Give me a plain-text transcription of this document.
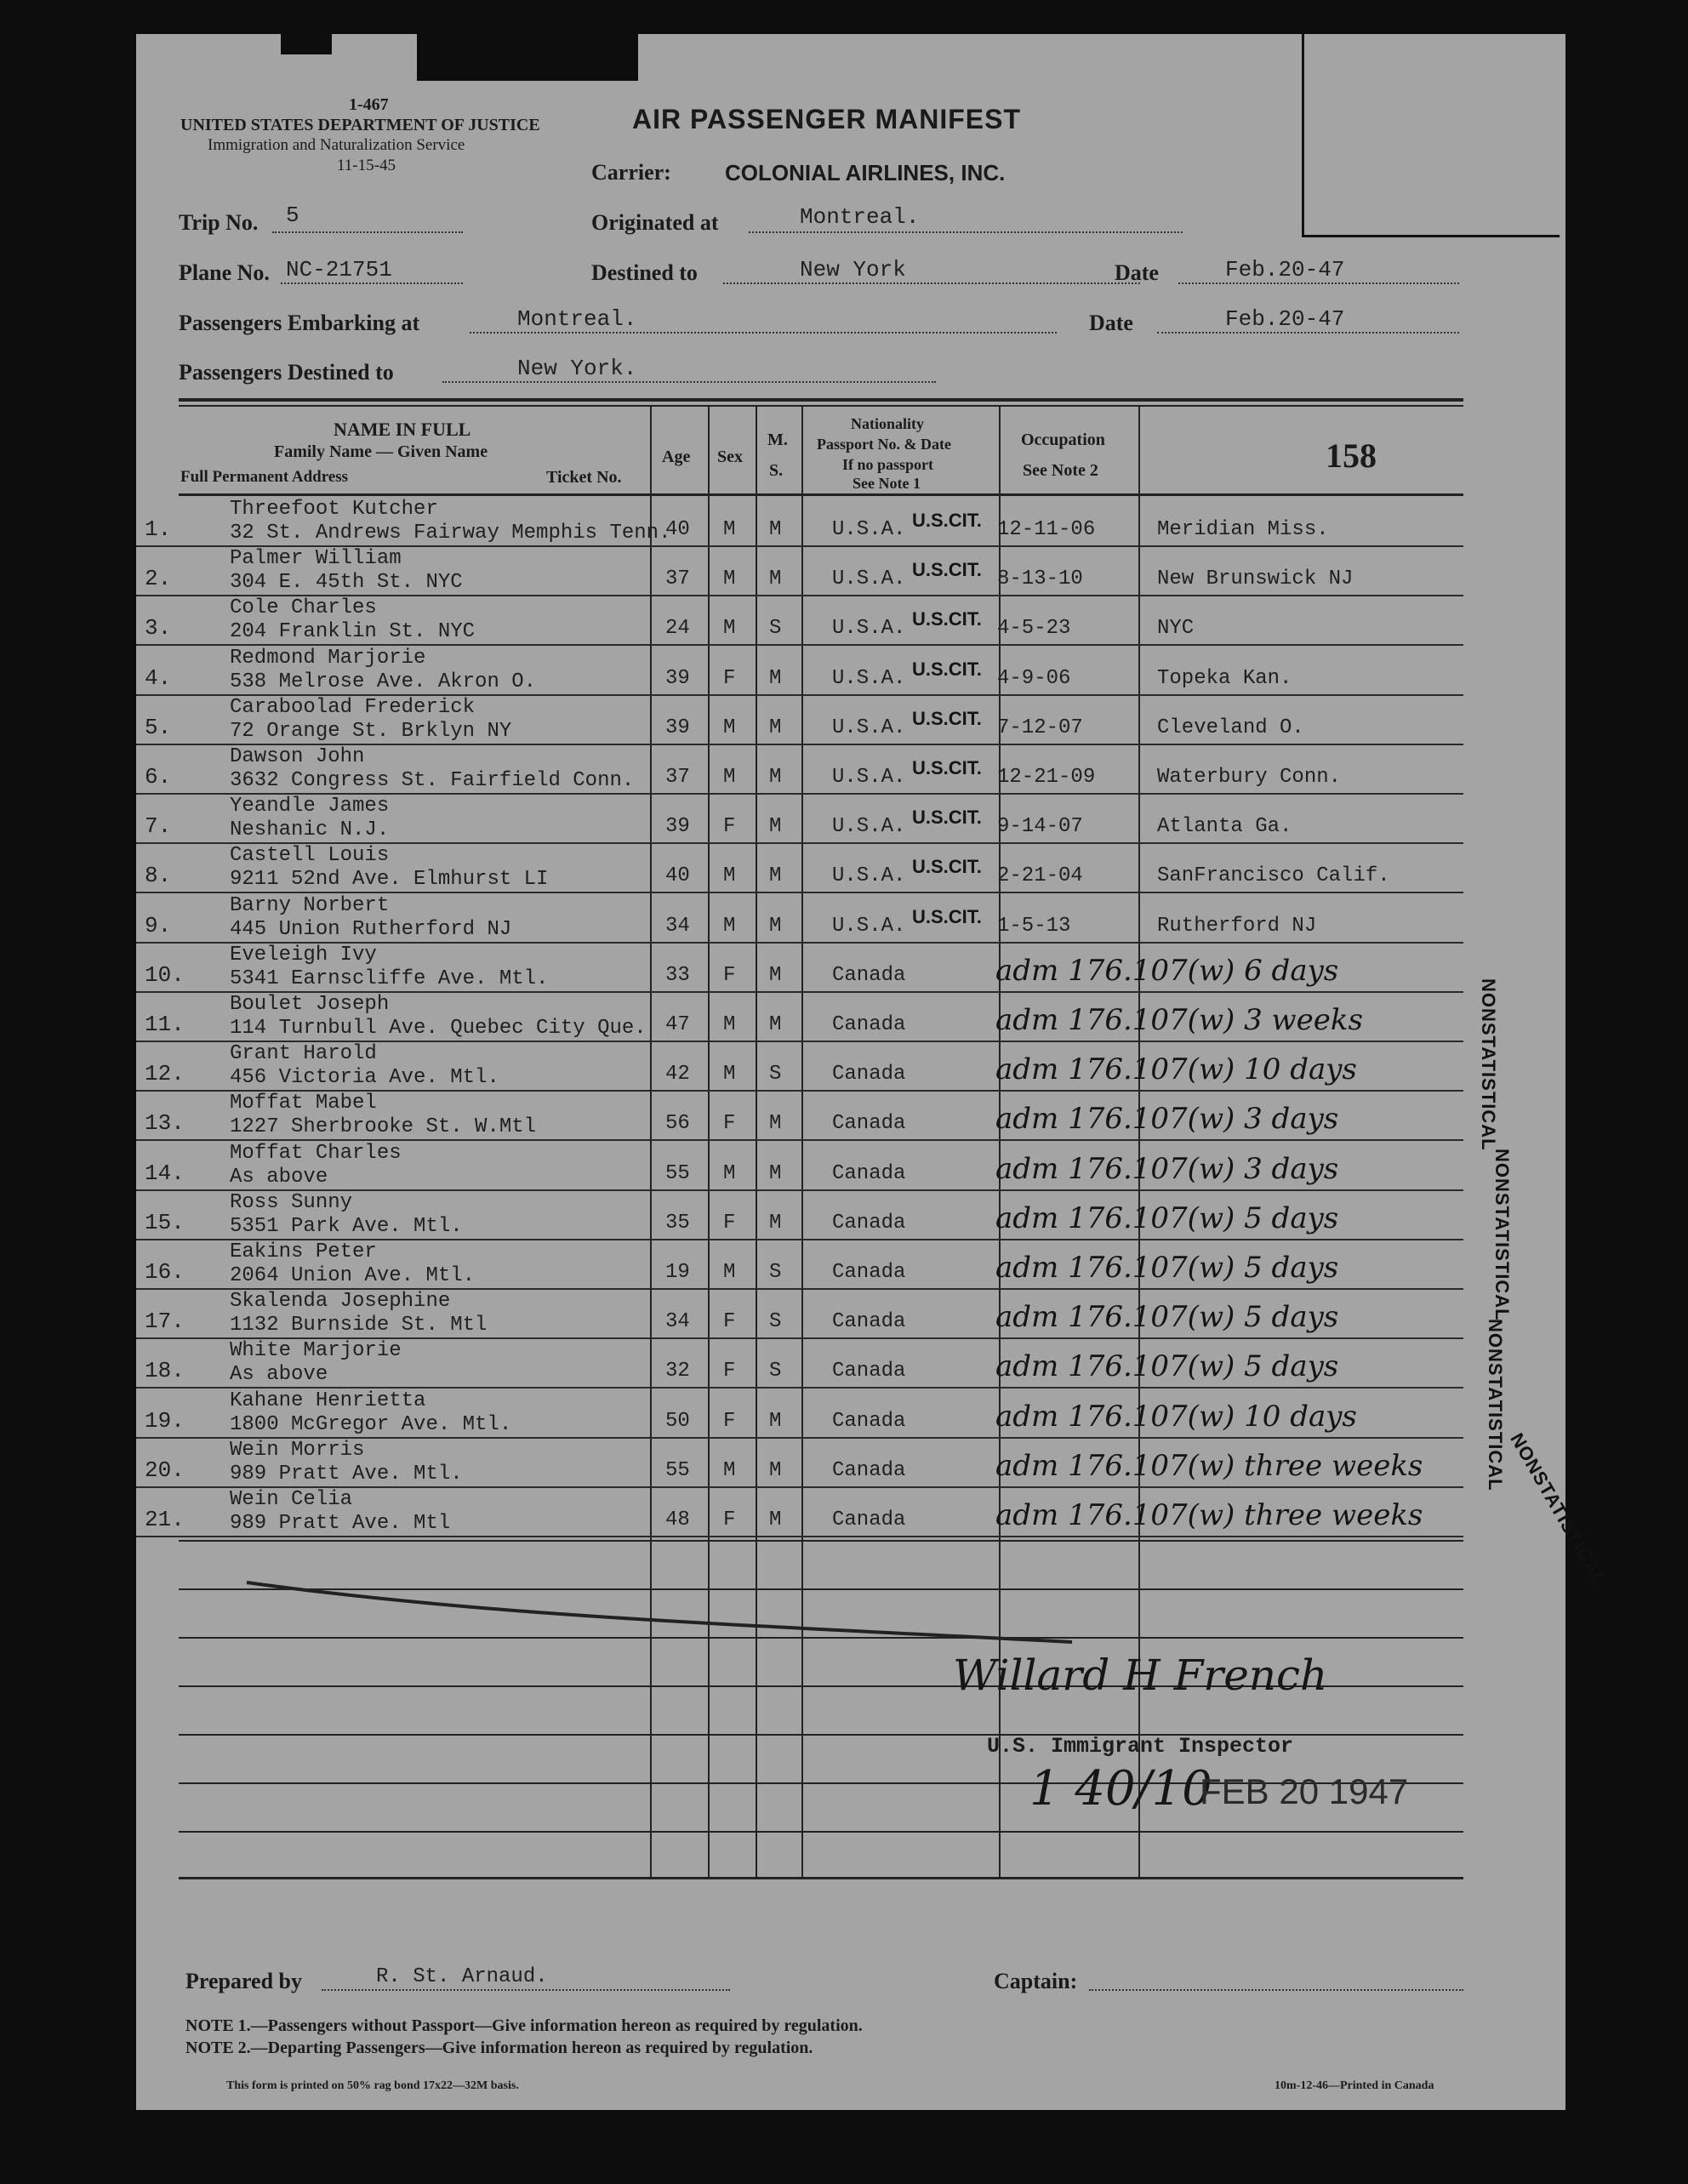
1-467
UNITED STATES DEPARTMENT OF JUSTICE
Immigration and Naturalization Service
11-15-45
AIR PASSENGER MANIFEST
Carrier: COLONIAL AIRLINES, INC.
Trip No. 5	Originated at	Montreal.
Plane No. NC-21751	Destined to	New York	Date	Feb.20-47
Passengers Embarking at	Montreal.	Date	Feb.20-47
Passengers Destined to	New York.
NAME IN FULL
Family Name — Given Name
Full Permanent Address	Ticket No.
Age Sex
M.
S.
Nationality
Passport No. & Date
If no passport
See Note 1
Occupation
See Note 2	158
1.
Threefoot Kutcher
32 St. Andrews Fairway Memphis Tenn.
40 M M U.S.A. U.S.CIT. 12-11-06	Meridian Miss.
2.
Palmer William
304 E. 45th St. NYC	37 M M U.S.A. U.S.CIT. 8-13-10	New Brunswick NJ
3.
Cole Charles
204 Franklin St. NYC	24 M S U.S.A. U.S.CIT. 4-5-23	NYC
4.
Redmond Marjorie
538 Melrose Ave. Akron O.	39 F M U.S.A. U.S.CIT. 4-9-06	Topeka Kan.
5.
Caraboolad Frederick
72 Orange St. Brklyn NY	39 M M U.S.A. U.S.CIT. 7-12-07	Cleveland O.
6.
Dawson John
3632 Congress St. Fairfield Conn. 37 M M U.S.A. U.S.CIT. 12-21-09	Waterbury Conn.
7.
Yeandle James
Neshanic N.J.	39 F M U.S.A. U.S.CIT. 9-14-07	Atlanta Ga.
8.
Castell Louis
9211 52nd Ave. Elmhurst LI	40 M M U.S.A. U.S.CIT. 2-21-04	SanFrancisco Calif.
9.
Barny Norbert
445 Union Rutherford NJ	34 M M U.S.A. U.S.CIT. 1-5-13	Rutherford NJ
10.
Eveleigh Ivy
5341 Earnscliffe Ave. Mtl.	33 F M Canada	adm 176.107(w) 6 days
11.
Boulet Joseph
114 Turnbull Ave. Quebec City Que. 47 M M Canada	adm 176.107(w) 3 weeks
12.
Grant Harold
456 Victoria Ave. Mtl.	42 M S Canada	adm 176.107(w) 10 days
13.
Moffat Mabel
1227 Sherbrooke St. W.Mtl	56 F M Canada	adm 176.107(w) 3 days
14.
Moffat Charles
As above	55 M M Canada	adm 176.107(w) 3 days
15.
Ross Sunny
5351 Park Ave. Mtl.	35 F M Canada	adm 176.107(w) 5 days
16.
Eakins Peter
2064 Union Ave. Mtl.	19 M S Canada	adm 176.107(w) 5 days
17.
Skalenda Josephine
1132 Burnside St. Mtl	34 F S Canada	adm 176.107(w) 5 days
18.
White Marjorie
As above	32 F S Canada	adm 176.107(w) 5 days
19.
Kahane Henrietta
1800 McGregor Ave. Mtl.	50 F M Canada	adm 176.107(w) 10 days
20.
Wein Morris
989 Pratt Ave. Mtl.	55 M M Canada	adm 176.107(w) three weeks
21.
Wein Celia
989 Pratt Ave. Mtl	48 F M Canada	adm 176.107(w) three weeks
NONSTATISTICAL
NONSTATISTICAL
NONSTATISTICAL
NONSTATISTICAL
Willard H French
U.S. Immigrant Inspector
1 40/10
FEB 20 1947
Prepared by	R. St. Arnaud.	Captain:
NOTE 1.—Passengers without Passport—Give information hereon as required by regulation.
NOTE 2.—Departing Passengers—Give information hereon as required by regulation.
This form is printed on 50% rag bond 17x22—32M basis.	10m-12-46—Printed in Canada
